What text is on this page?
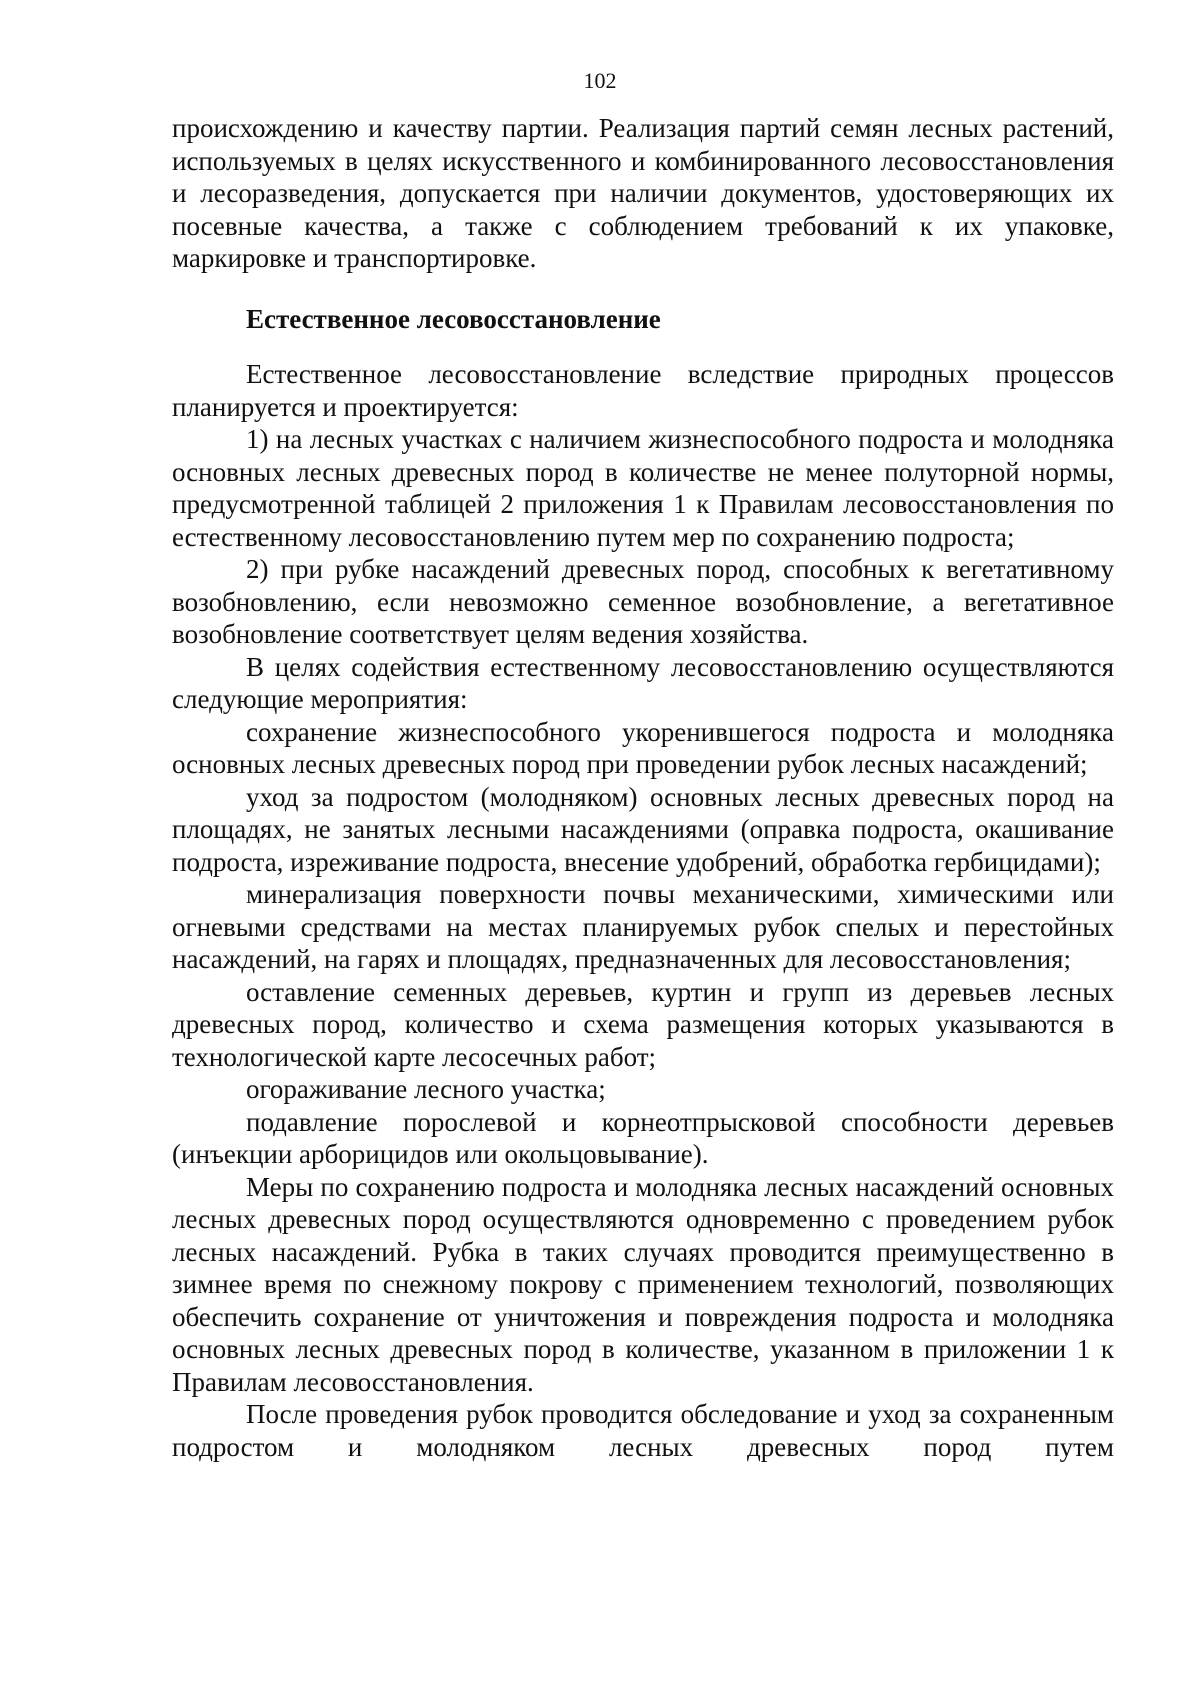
102

происхождению и качеству партии. Реализация партий семян лесных растений, используемых в целях искусственного и комбинированного лесовосстановления и лесоразведения, допускается при наличии документов, удостоверяющих их посевные качества, а также с соблюдением требований к их упаковке, маркировке и транспортировке.

Естественное лесовосстановление

Естественное лесовосстановление вследствие природных процессов планируется и проектируется:

1) на лесных участках с наличием жизнеспособного подроста и молодняка основных лесных древесных пород в количестве не менее полуторной нормы, предусмотренной таблицей 2 приложения 1 к Правилам лесовосстановления по естественному лесовосстановлению путем мер по сохранению подроста;

2) при рубке насаждений древесных пород, способных к вегетативному возобновлению, если невозможно семенное возобновление, а вегетативное возобновление соответствует целям ведения хозяйства.

В целях содействия естественному лесовосстановлению осуществляются следующие мероприятия:

сохранение жизнеспособного укоренившегося подроста и молодняка основных лесных древесных пород при проведении рубок лесных насаждений;

уход за подростом (молодняком) основных лесных древесных пород на площадях, не занятых лесными насаждениями (оправка подроста, окашивание подроста, изреживание подроста, внесение удобрений, обработка гербицидами);

минерализация поверхности почвы механическими, химическими или огневыми средствами на местах планируемых рубок спелых и перестойных насаждений, на гарях и площадях, предназначенных для лесовосстановления;

оставление семенных деревьев, куртин и групп из деревьев лесных древесных пород, количество и схема размещения которых указываются в технологической карте лесосечных работ;

огораживание лесного участка;

подавление порослевой и корнеотпрысковой способности деревьев (инъекции арборицидов или окольцовывание).

Меры по сохранению подроста и молодняка лесных насаждений основных лесных древесных пород осуществляются одновременно с проведением рубок лесных насаждений. Рубка в таких случаях проводится преимущественно в зимнее время по снежному покрову с применением технологий, позволяющих обеспечить сохранение от уничтожения и повреждения подроста и молодняка основных лесных древесных пород в количестве, указанном в приложении 1 к Правилам лесовосстановления.

После проведения рубок проводится обследование и уход за сохраненным подростом и молодняком лесных древесных пород путем
